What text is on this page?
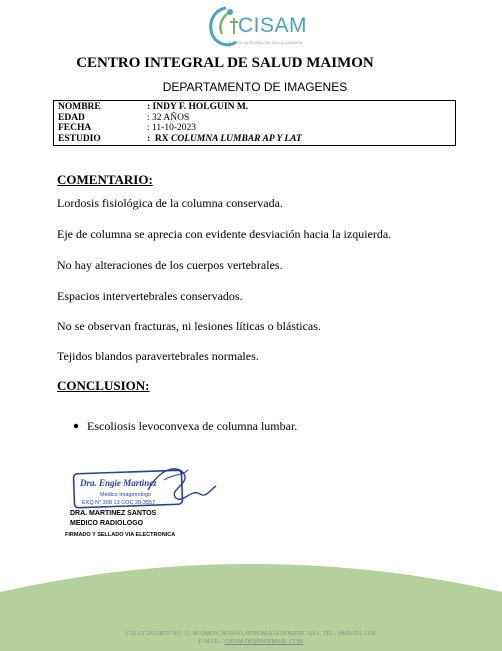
CISAM
CENTRO INTEGRAL DE SALUD MAIMON
CENTRO INTEGRAL DE SALUD MAIMON
DEPARTAMENTO DE IMAGENES
NOMBRE	: INDY F. HOLGUIN M.
EDAD	: 32 AÑOS
FECHA	: 11-10-2023
ESTUDIO	:  RX COLUMNA LUMBAR AP Y LAT
COMENTARIO:
Lordosis fisiológica de la columna conservada.
Eje de columna se aprecia con evidente desviación hacia la izquierda.
No hay alteraciones de los cuerpos vertebrales.
Espacios intervertebrales conservados.
No se observan fracturas, ni lesiones líticas o blásticas.
Tejidos blandos paravertebrales normales.
CONCLUSION:
Escoliosis levoconvexa de columna lumbar.
Dra. Engie Martinez
Medico Imagenologo
EXQ N° 208 13 COC 20-3557
DRA. MARTINEZ SANTOS
MEDICO RADIOLOGO
FIRMADO Y SELLADO VIA ELECTRONICA
CALLE DUARTE NO. 13, MAIMÓN, BONAO, REPUBLICA DOMINICANA, TEL.: (809)-551-2196
E-MAIL.: CISAM.DO@HOTMAIL .COM
